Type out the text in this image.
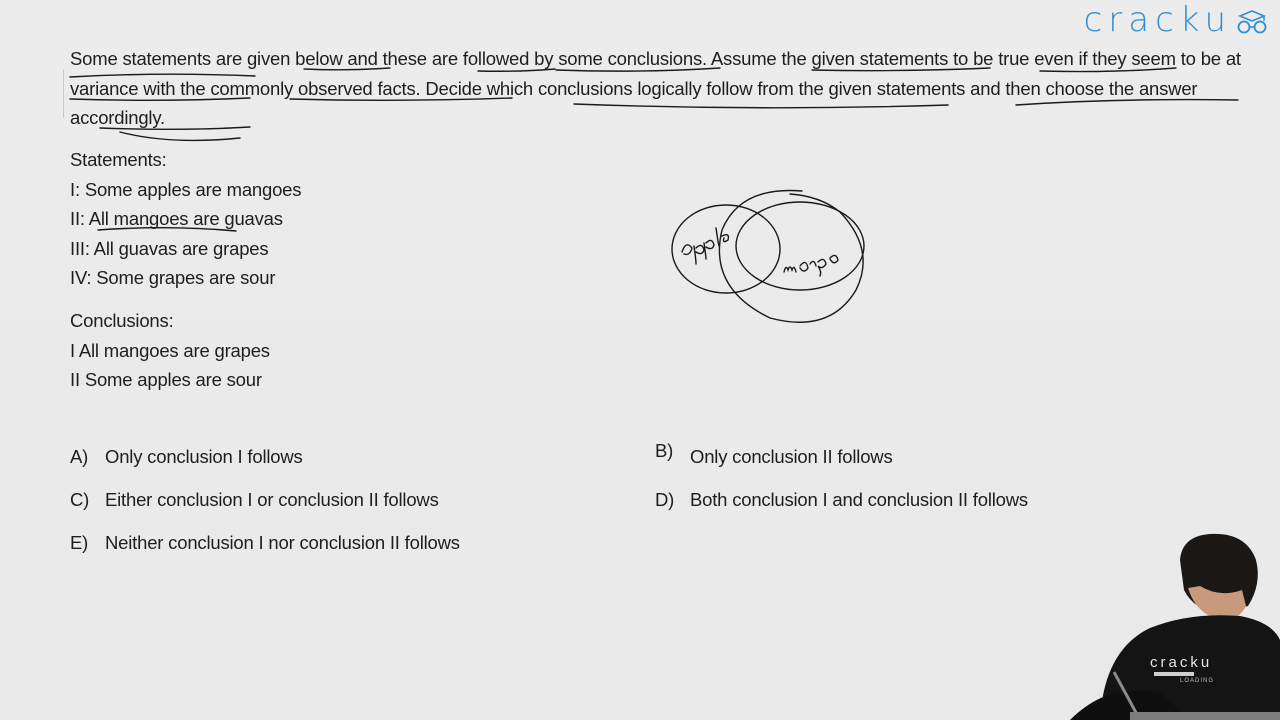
cracku
Some statements are given below and these are followed by some conclusions. Assume the given statements to be true even if they seem to be at variance with the commonly observed facts. Decide which conclusions logically follow from the given statements and then choose the answer accordingly.
Statements:
I: Some apples are mangoes
II: All mangoes are guavas
III: All guavas are grapes
IV: Some grapes are sour
Conclusions:
I All mangoes are grapes
II Some apples are sour
A) Only conclusion I follows	B) Only conclusion II follows
C) Either conclusion I or conclusion II follows	D) Both conclusion I and conclusion II follows
E) Neither conclusion I nor conclusion II follows
cracku
LOADING
